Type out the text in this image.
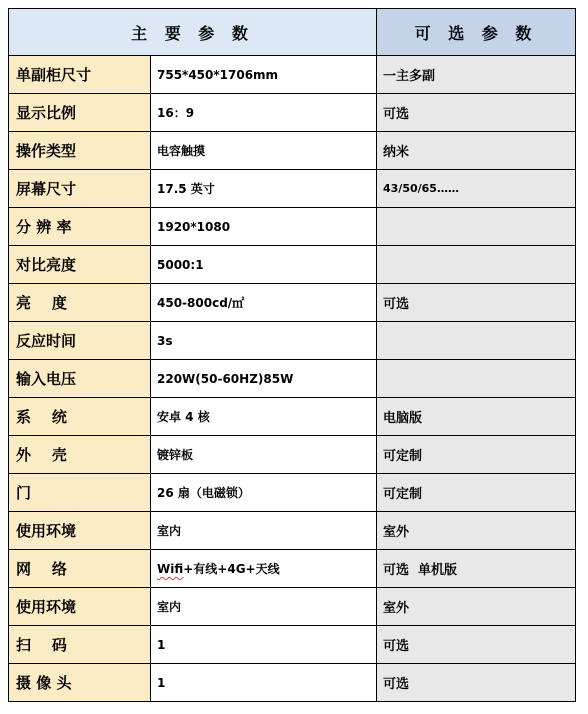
主 要 参 数		可 选 参 数
单副柜尺寸	755*450*1706mm	一主多副
显示比例	16：9	可选
操作类型	电容触摸	纳米
屏幕尺寸	17.5 英寸	43/50/65……
分 辨 率	1920*1080	
对比亮度	5000:1	
亮    度	450-800cd/㎡	可选
反应时间	3s	
输入电压	220W(50-60HZ)85W	
系    统	安卓 4 核	电脑版
外    壳	镀锌板	可定制
门	26 扇（电磁锁）	可定制
使用环境	室内	室外
网    络	Wifi+有线+4G+天线	可选  单机版
使用环境	室内	室外
扫    码	1	可选
摄 像 头	1	可选
